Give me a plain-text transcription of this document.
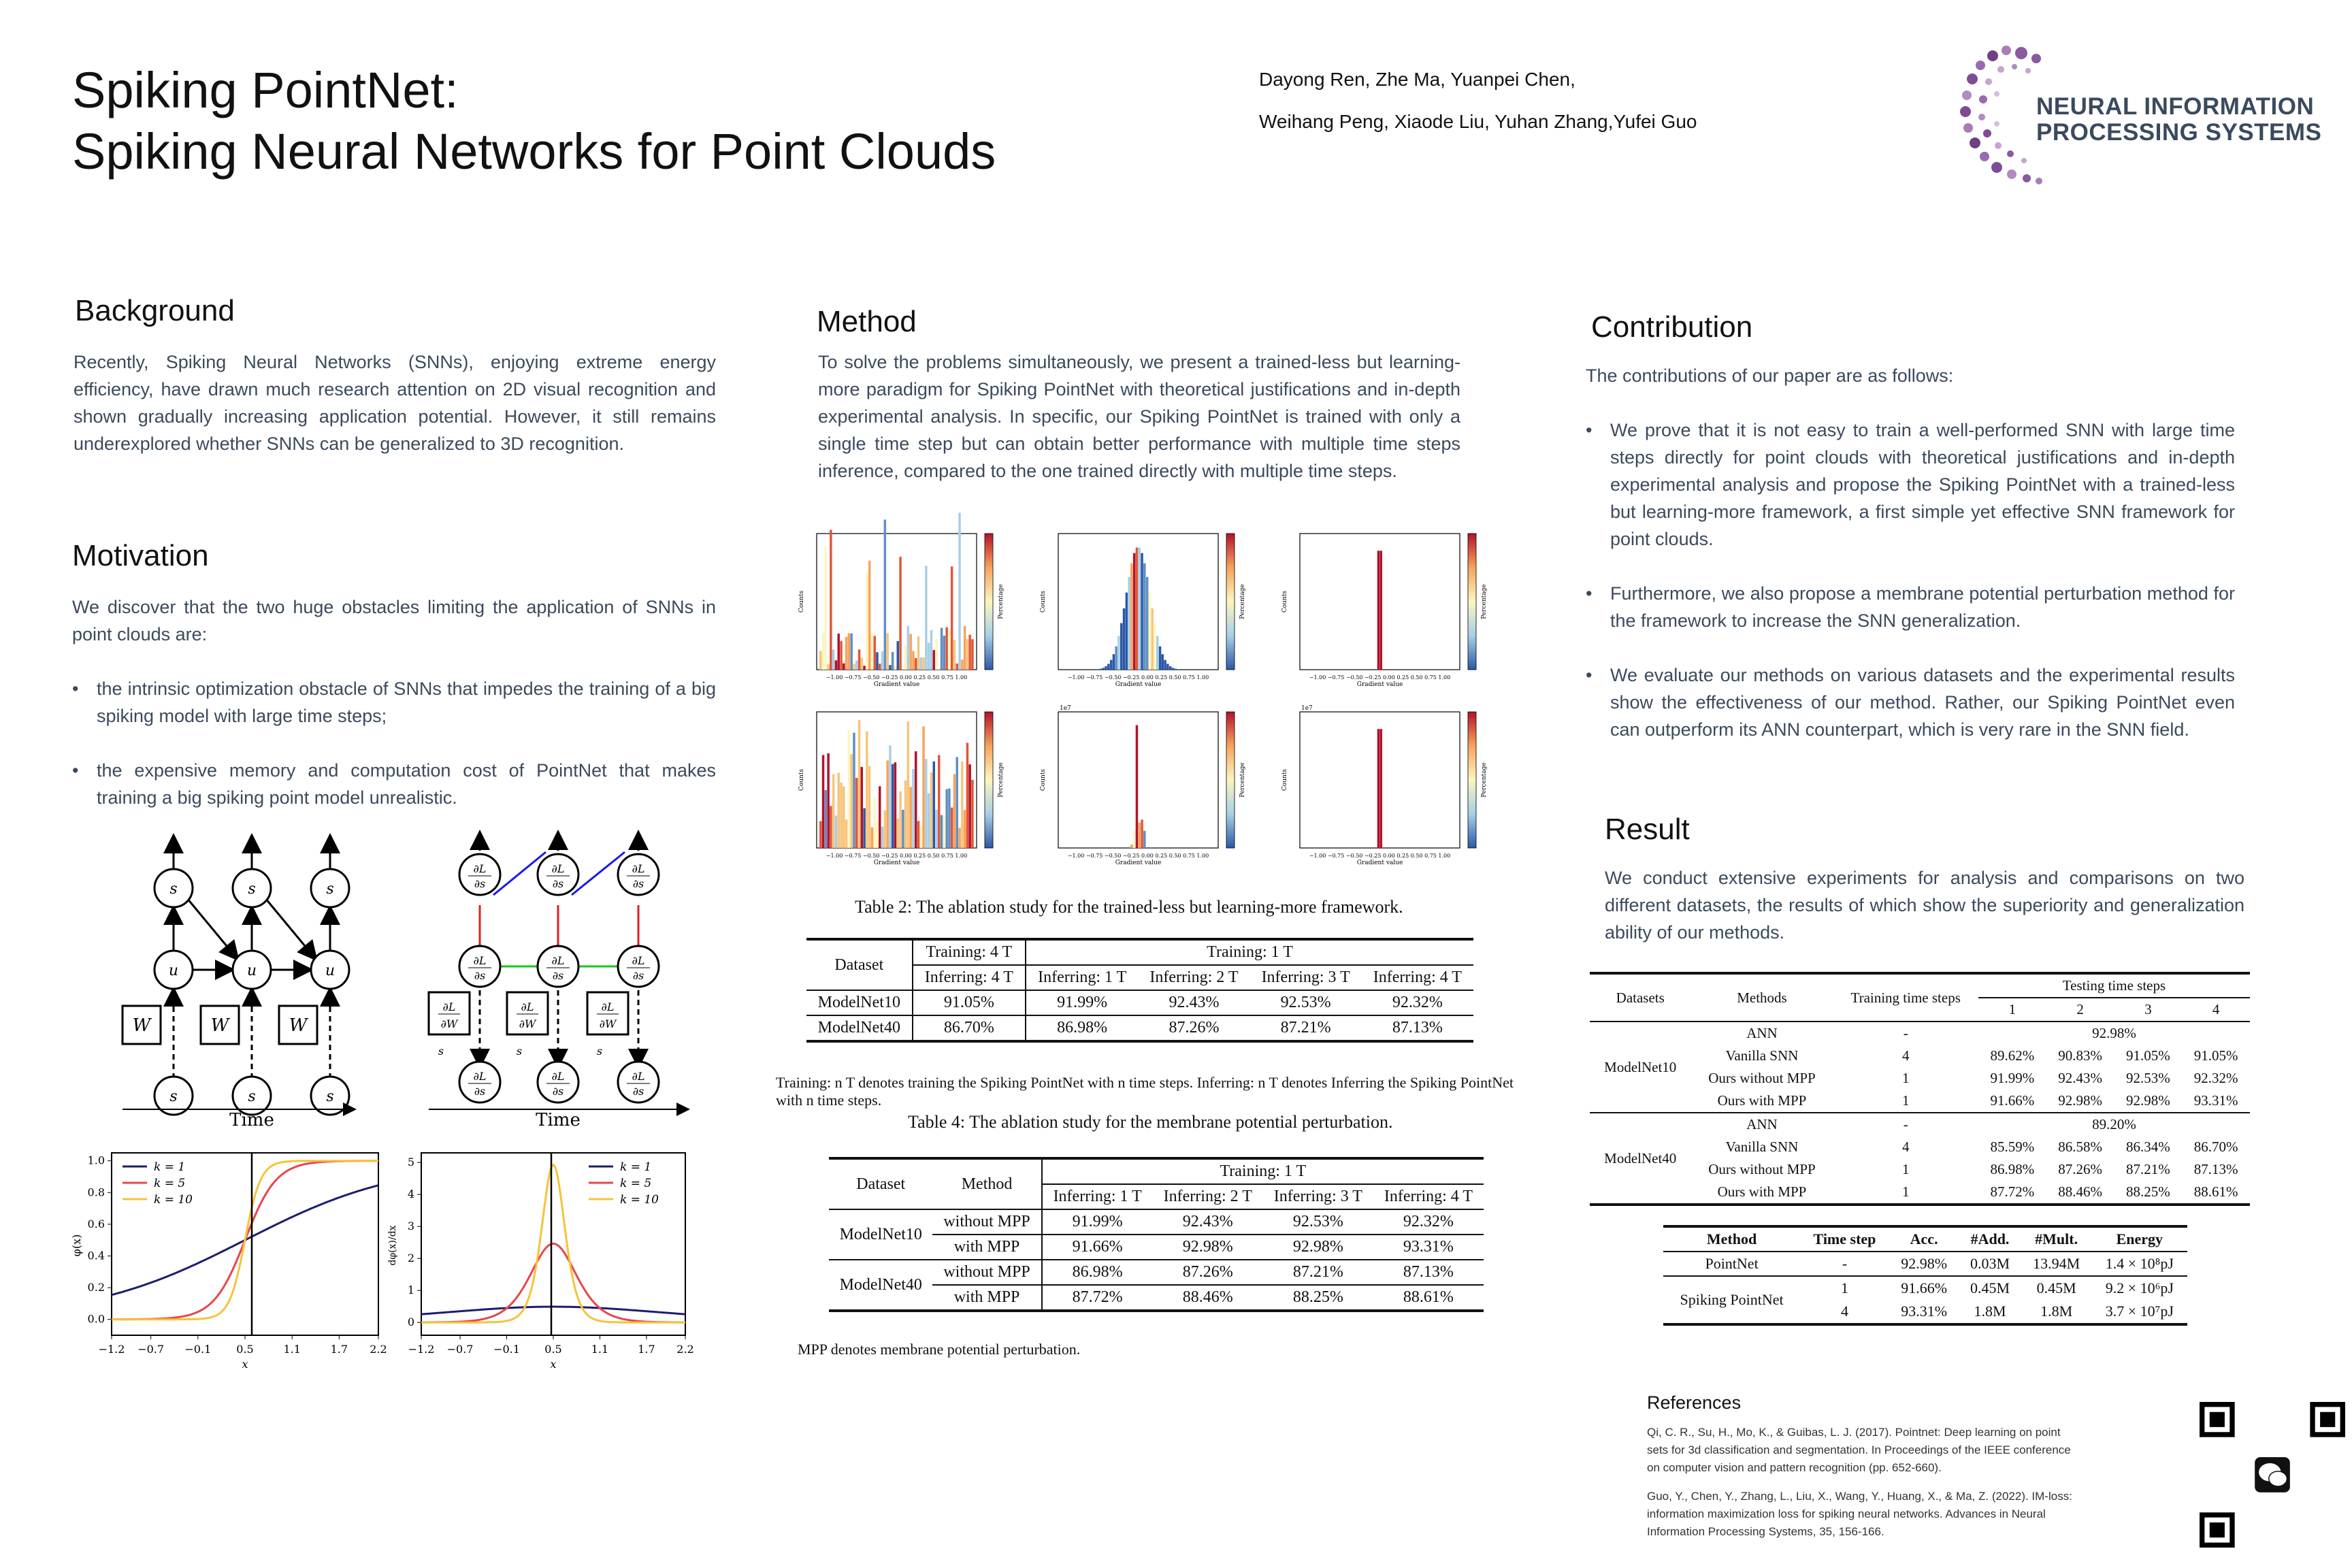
Spiking PointNet:
Spiking Neural Networks for Point Clouds
Dayong Ren, Zhe Ma, Yuanpei Chen,
Weihang Peng, Xiaode Liu, Yuhan Zhang,Yufei Guo
NEURAL INFORMATION
PROCESSING SYSTEMS
Background
Recently, Spiking Neural Networks (SNNs), enjoying extreme energy efficiency, have drawn much research attention on 2D visual recognition and shown gradually increasing application potential. However, it still remains underexplored whether SNNs can be generalized to 3D recognition.
Motivation
We discover that the two huge obstacles limiting the application of SNNs in point clouds are:
• the intrinsic optimization obstacle of SNNs that impedes the training of a big spiking model with large time steps;
• the expensive memory and computation cost of PointNet that makes training a big spiking point model unrealistic.
s	s	s
u	u	u
s	s	s
W	W	W
Time
∂L
∂s
∂L
∂s
∂L
∂s
∂L
∂s
∂L
∂s
∂L
∂s
∂L
∂s
∂L
∂s
∂L
∂s
∂L
∂W
∂L
∂W
∂L
∂W
s	s	s
Time
0.0
0.2
0.4
0.6
0.8
1.0
−1.2 −0.7 −0.1 0.5	1.1	1.7 2.2
k = 1
k = 5
k = 10
φ(x)
x
0
1
2
3
4
5
−1.2 −0.7 −0.1 0.5	1.1	1.7 2.2
k = 1
k = 5
k = 10
dφ(x)/dx
x
Method
To solve the problems simultaneously, we present a trained-less but learning-more paradigm for Spiking PointNet with theoretical justifications and in-depth experimental analysis. In specific, our Spiking PointNet is trained with only a single time step but can obtain better performance with multiple time steps inference, compared to the one trained directly with multiple time steps.
−1.00 −0.75 −0.50 −0.25 0.00 0.25 0.50 0.75 1.00
Gradient value
Counts	Percentage
−1.00 −0.75 −0.50 −0.25 0.00 0.25 0.50 0.75 1.00
Gradient value
Counts	Percentage
−1.00 −0.75 −0.50 −0.25 0.00 0.25 0.50 0.75 1.00
Gradient value
Counts	Percentage
−1.00 −0.75 −0.50 −0.25 0.00 0.25 0.50 0.75 1.00
Gradient value
Counts	Percentage
−1.00 −0.75 −0.50 −0.25 0.00 0.25 0.50 0.75 1.00
Gradient value
Counts	Percentage
1e7
−1.00 −0.75 −0.50 −0.25 0.00 0.25 0.50 0.75 1.00
Gradient value
Counts	Percentage
1e7
Table 2: The ablation study for the trained-less but learning-more framework.
Dataset	Training: 4 T	Training: 1 T			
	Inferring: 4 T	Inferring: 1 T	Inferring: 2 T	Inferring: 3 T	Inferring: 4 T
ModelNet10	91.05%	91.99%	92.43%	92.53%	92.32%
ModelNet40	86.70%	86.98%	87.26%	87.21%	87.13%
Training: n T denotes training the Spiking PointNet with n time steps. Inferring: n T denotes Inferring the Spiking PointNet with n time steps.
Table 4: The ablation study for the membrane potential perturbation.
Dataset	Method	Training: 1 T			
		Inferring: 1 T	Inferring: 2 T	Inferring: 3 T	Inferring: 4 T
ModelNet10	without MPP	91.99%	92.43%	92.53%	92.32%
	with MPP	91.66%	92.98%	92.98%	93.31%
ModelNet40	without MPP	86.98%	87.26%	87.21%	87.13%
	with MPP	87.72%	88.46%	88.25%	88.61%
MPP denotes membrane potential perturbation.
Contribution
The contributions of our paper are as follows:
• We prove that it is not easy to train a well-performed SNN with large time steps directly for point clouds with theoretical justifications and in-depth experimental analysis and propose the Spiking PointNet with a trained-less but learning-more framework, a first simple yet effective SNN framework for point clouds.
• Furthermore, we also propose a membrane potential perturbation method for the framework to increase the SNN generalization.
• We evaluate our methods on various datasets and the experimental results show the effectiveness of our method. Rather, our Spiking PointNet even can outperform its ANN counterpart, which is very rare in the SNN field.
Result
We conduct extensive experiments for analysis and comparisons on two different datasets, the results of which show the superiority and generalization ability of our methods.
Datasets	Methods	Training time steps	Testing time steps			
			1	2	3	4
ModelNet10	ANN	-	92.98%			
	Vanilla SNN	4	89.62%	90.83%	91.05%	91.05%
	Ours without MPP	1	91.99%	92.43%	92.53%	92.32%
	Ours with MPP	1	91.66%	92.98%	92.98%	93.31%
ModelNet40	ANN	-	89.20%			
	Vanilla SNN	4	85.59%	86.58%	86.34%	86.70%
	Ours without MPP	1	86.98%	87.26%	87.21%	87.13%
	Ours with MPP	1	87.72%	88.46%	88.25%	88.61%
Method	Time step	Acc.	#Add.	#Mult.	Energy
PointNet	-	92.98%	0.03M	13.94M	1.4 × 10⁸pJ
Spiking PointNet	1	91.66%	0.45M	0.45M	9.2 × 10⁶pJ
	4	93.31%	1.8M	1.8M	3.7 × 10⁷pJ
References
Qi, C. R., Su, H., Mo, K., & Guibas, L. J. (2017). Pointnet: Deep learning on point sets for 3d classification and segmentation. In Proceedings of the IEEE conference on computer vision and pattern recognition (pp. 652-660).
Guo, Y., Chen, Y., Zhang, L., Liu, X., Wang, Y., Huang, X., & Ma, Z. (2022). IM-loss: information maximization loss for spiking neural networks. Advances in Neural Information Processing Systems, 35, 156-166.
